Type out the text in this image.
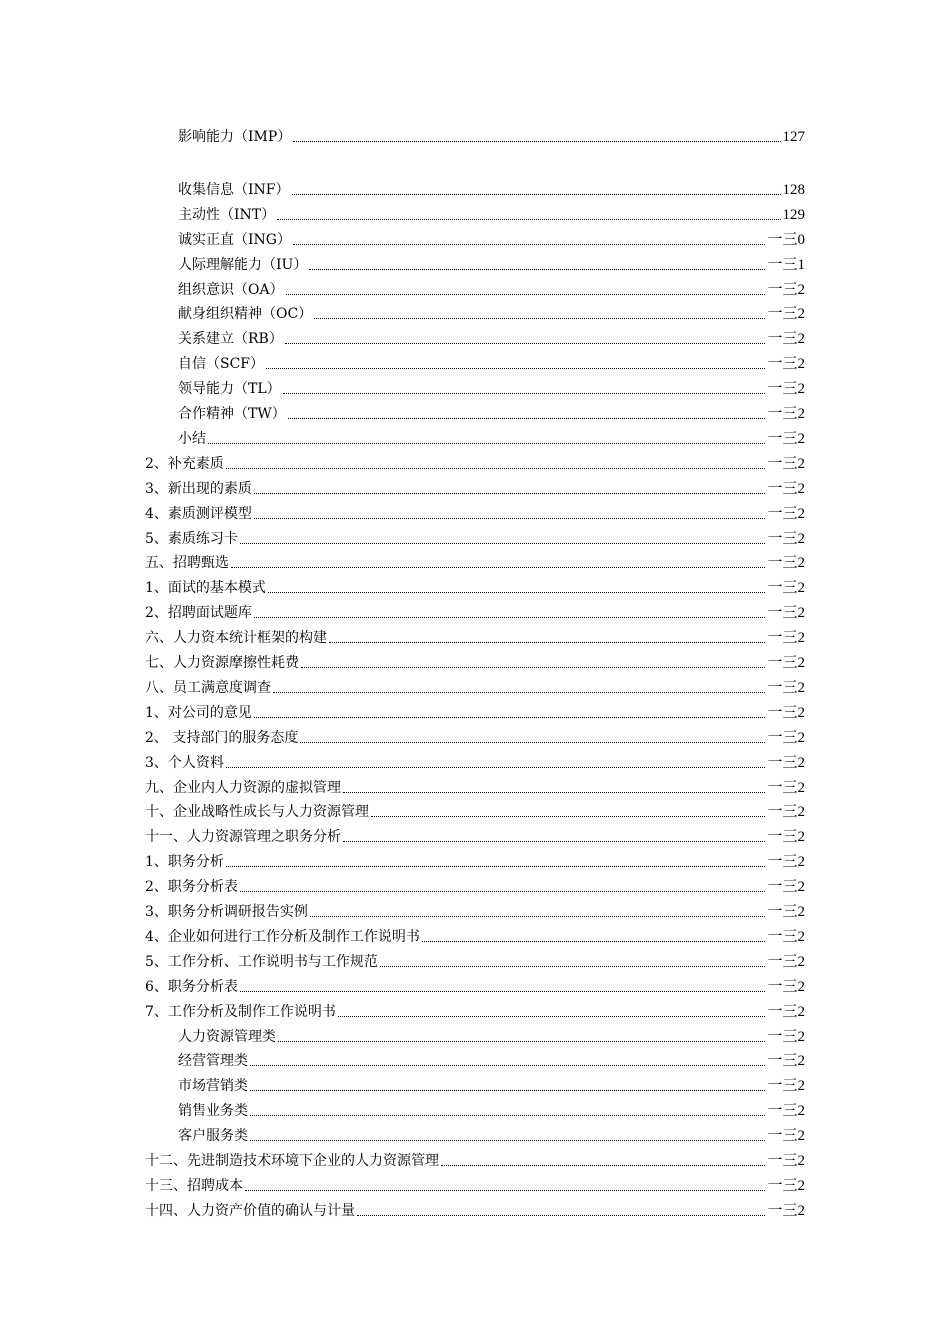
影响能力（IMP）	127
收集信息（INF）	128
主动性（INT）	129
诚实正直（ING）	一三0
人际理解能力（IU）	一三1
组织意识（OA）	一三2
献身组织精神（OC）	一三2
关系建立（RB）	一三2
自信（SCF）	一三2
领导能力（TL）	一三2
合作精神（TW）	一三2
小结	一三2
2、补充素质	一三2
3、新出现的素质	一三2
4、素质测评模型	一三2
5、素质练习卡	一三2
五、招聘甄选	一三2
1、面试的基本模式	一三2
2、招聘面试题库	一三2
六、人力资本统计框架的构建	一三2
七、人力资源摩擦性耗费	一三2
八、员工满意度调查	一三2
1、对公司的意见	一三2
2、 支持部门的服务态度	一三2
3、个人资料	一三2
九、企业内人力资源的虚拟管理	一三2
十、企业战略性成长与人力资源管理	一三2
十一、人力资源管理之职务分析	一三2
1、职务分析	一三2
2、职务分析表	一三2
3、职务分析调研报告实例	一三2
4、企业如何进行工作分析及制作工作说明书	一三2
5、工作分析、工作说明书与工作规范	一三2
6、职务分析表	一三2
7、工作分析及制作工作说明书	一三2
人力资源管理类	一三2
经营管理类	一三2
市场营销类	一三2
销售业务类	一三2
客户服务类	一三2
十二、先进制造技术环境下企业的人力资源管理	一三2
十三、招聘成本	一三2
十四、人力资产价值的确认与计量	一三2
